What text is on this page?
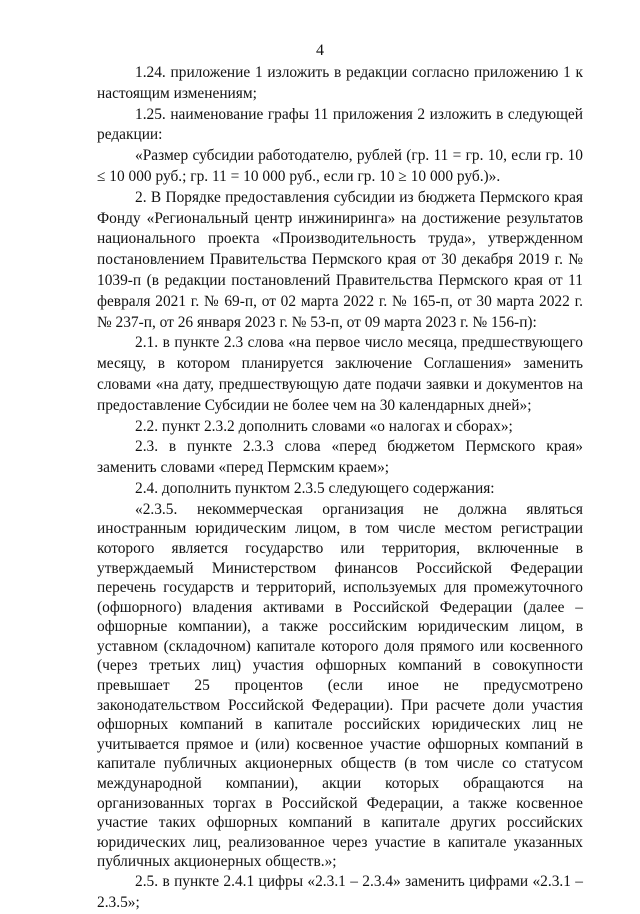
4

1.24. приложение 1 изложить в редакции согласно приложению 1 к настоящим изменениям;

1.25. наименование графы 11 приложения 2 изложить в следующей редакции:

«Размер субсидии работодателю, рублей (гр. 11 = гр. 10, если гр. 10 ≤ 10 000 руб.; гр. 11 = 10 000 руб., если гр. 10 ≥ 10 000 руб.)».

2. В Порядке предоставления субсидии из бюджета Пермского края Фонду «Региональный центр инжиниринга» на достижение результатов национального проекта «Производительность труда», утвержденном постановлением Правительства Пермского края от 30 декабря 2019 г. № 1039-п (в редакции постановлений Правительства Пермского края от 11 февраля 2021 г. № 69-п, от 02 марта 2022 г. № 165-п, от 30 марта 2022 г. № 237-п, от 26 января 2023 г. № 53-п, от 09 марта 2023 г. № 156-п):

2.1. в пункте 2.3 слова «на первое число месяца, предшествующего месяцу, в котором планируется заключение Соглашения» заменить словами «на дату, предшествующую дате подачи заявки и документов на предоставление Субсидии не более чем на 30 календарных дней»;

2.2. пункт 2.3.2 дополнить словами «о налогах и сборах»;

2.3. в пункте 2.3.3 слова «перед бюджетом Пермского края» заменить словами «перед Пермским краем»;

2.4. дополнить пунктом 2.3.5 следующего содержания:

«2.3.5. некоммерческая организация не должна являться иностранным юридическим лицом, в том числе местом регистрации которого является государство или территория, включенные в утверждаемый Министерством финансов Российской Федерации перечень государств и территорий, используемых для промежуточного (офшорного) владения активами в Российской Федерации (далее – офшорные компании), а также российским юридическим лицом, в уставном (складочном) капитале которого доля прямого или косвенного (через третьих лиц) участия офшорных компаний в совокупности превышает 25 процентов (если иное не предусмотрено законодательством Российской Федерации). При расчете доли участия офшорных компаний в капитале российских юридических лиц не учитывается прямое и (или) косвенное участие офшорных компаний в капитале публичных акционерных обществ (в том числе со статусом международной компании), акции которых обращаются на организованных торгах в Российской Федерации, а также косвенное участие таких офшорных компаний в капитале других российских юридических лиц, реализованное через участие в капитале указанных публичных акционерных обществ.»;

2.5. в пункте 2.4.1 цифры «2.3.1 – 2.3.4» заменить цифрами «2.3.1 – 2.3.5»;
